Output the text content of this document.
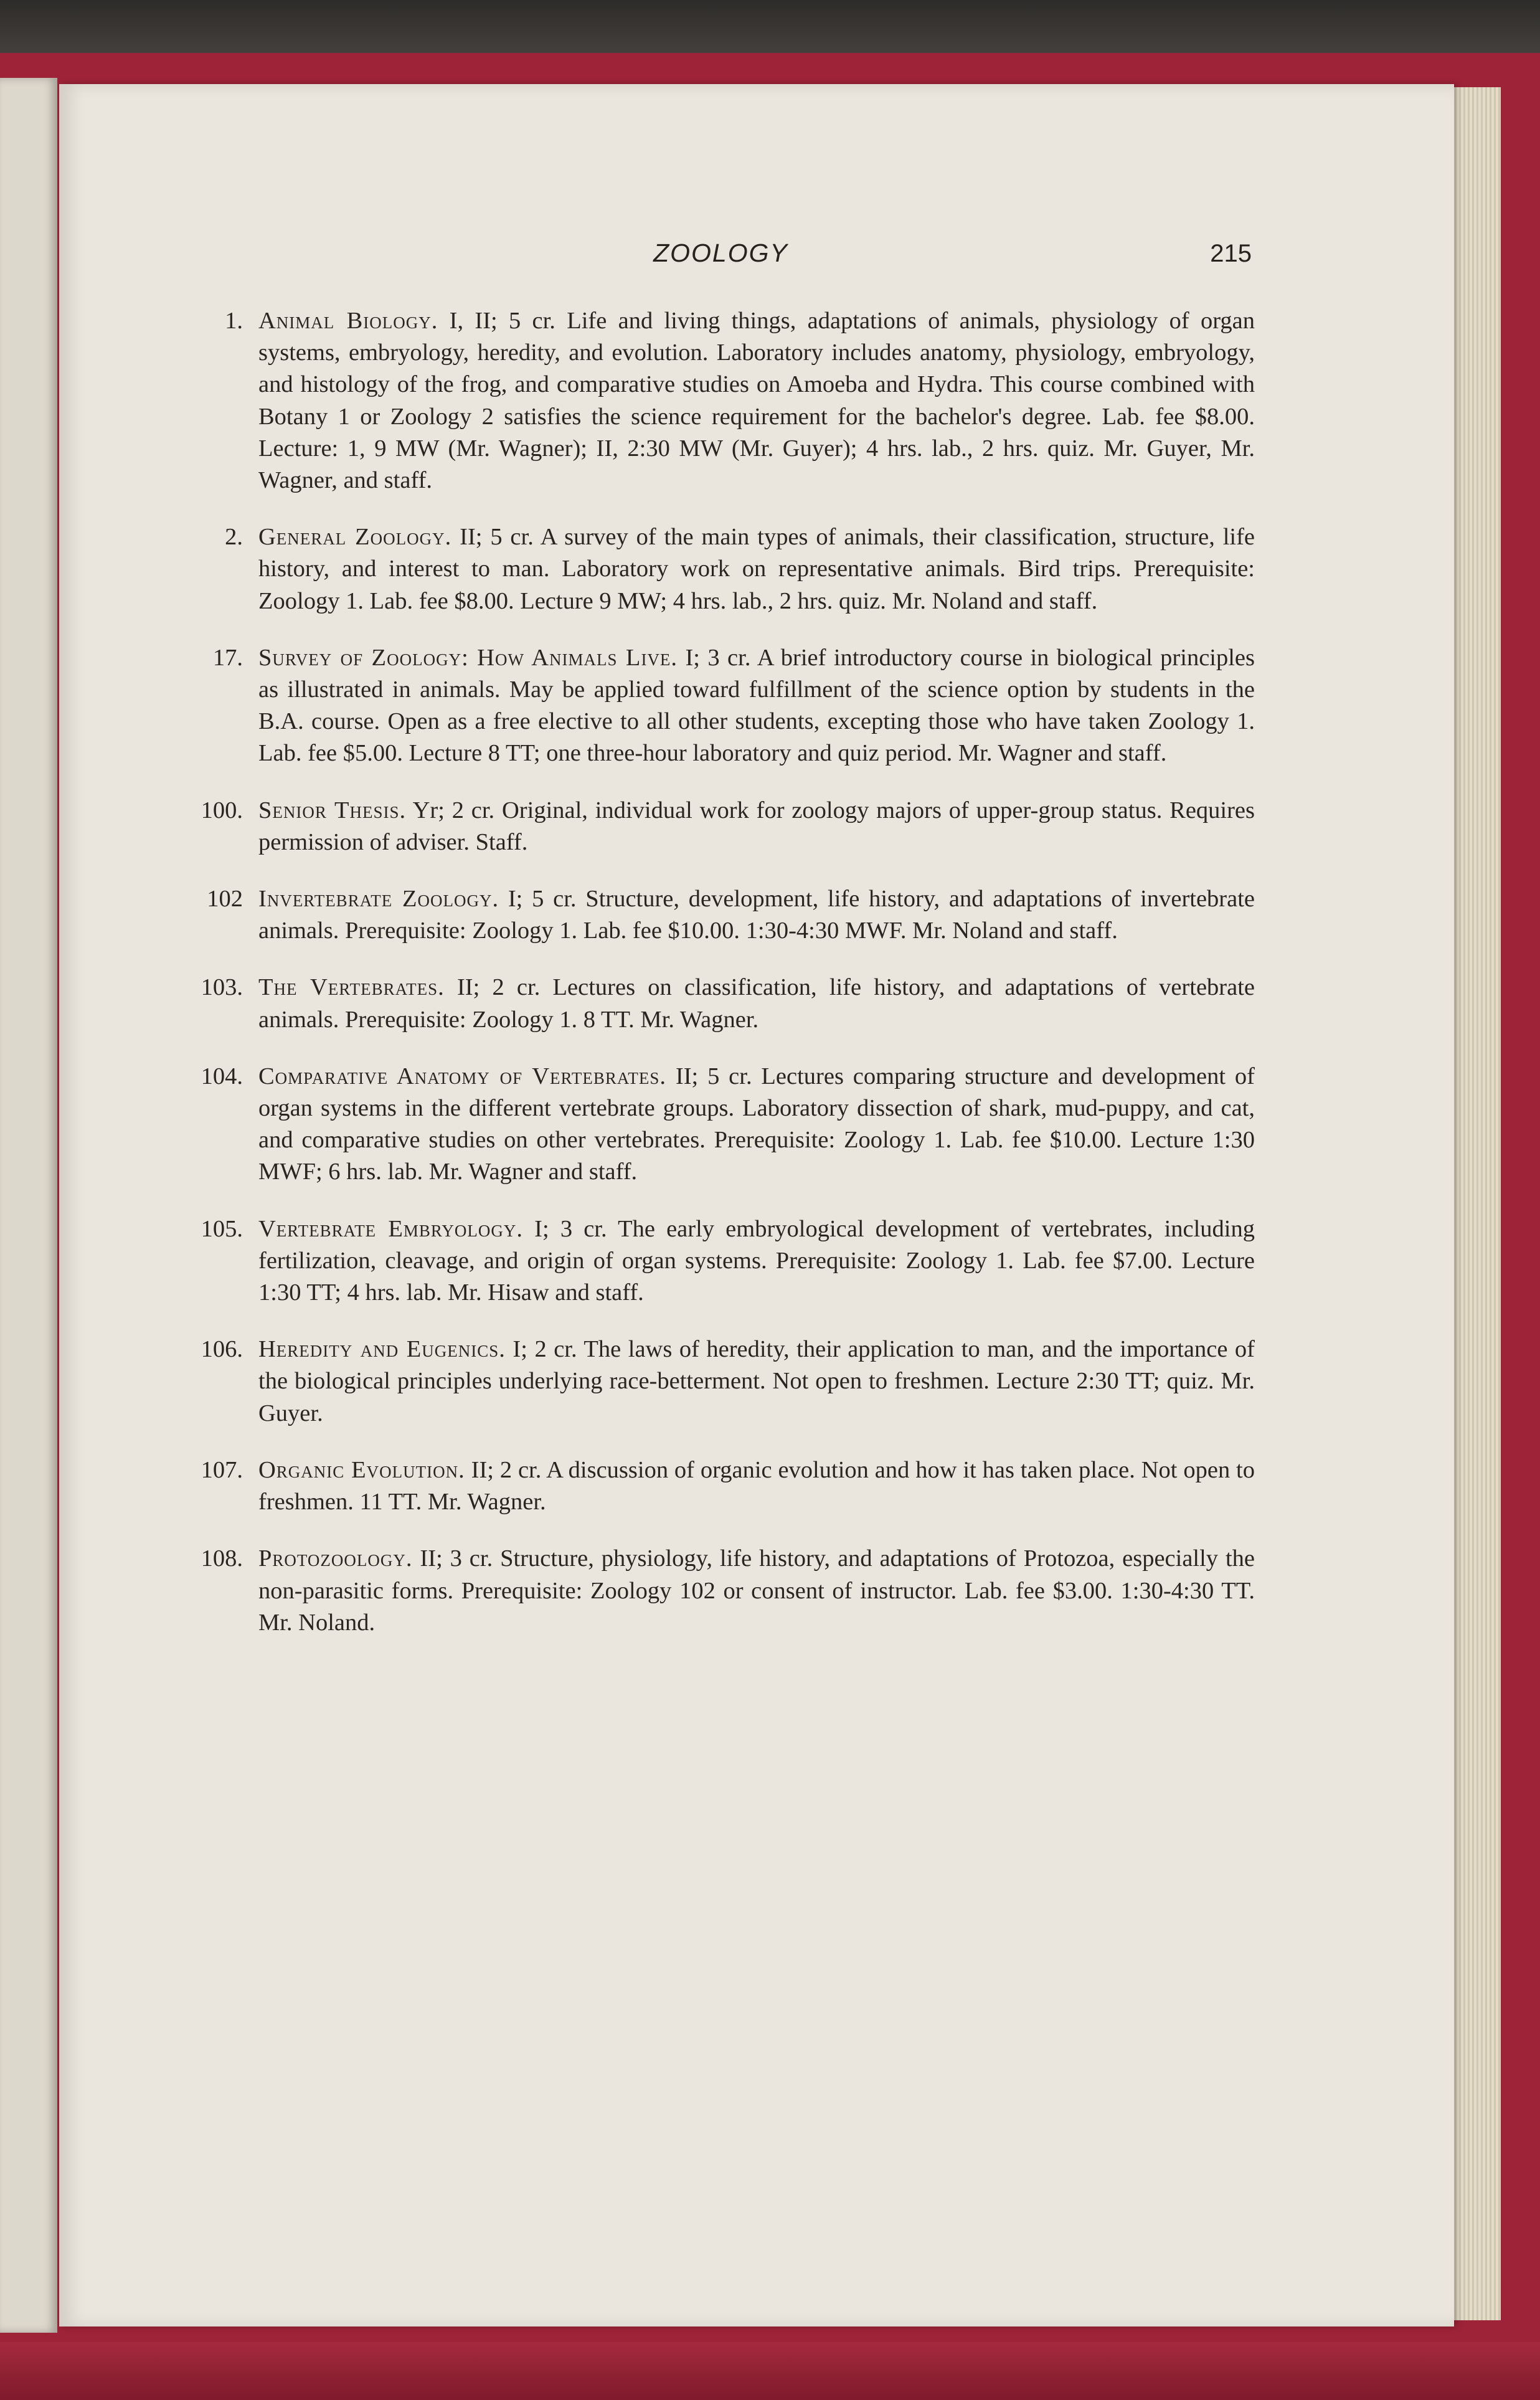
ZOOLOGY	215
1. Animal Biology. I, II; 5 cr. Life and living things, adaptations of animals, physiology of organ systems, embryology, heredity, and evolution. Laboratory includes anatomy, physiology, embryology, and histology of the frog, and comparative studies on Amoeba and Hydra. This course combined with Botany 1 or Zoology 2 satisfies the science requirement for the bachelor's degree. Lab. fee $8.00. Lecture: 1, 9 MW (Mr. Wagner); II, 2:30 MW (Mr. Guyer); 4 hrs. lab., 2 hrs. quiz. Mr. Guyer, Mr. Wagner, and staff.
2. General Zoology. II; 5 cr. A survey of the main types of animals, their classification, structure, life history, and interest to man. Laboratory work on representative animals. Bird trips. Prerequisite: Zoology 1. Lab. fee $8.00. Lecture 9 MW; 4 hrs. lab., 2 hrs. quiz. Mr. Noland and staff.
17. Survey of Zoology: How Animals Live. I; 3 cr. A brief introductory course in biological principles as illustrated in animals. May be applied toward fulfillment of the science option by students in the B.A. course. Open as a free elective to all other students, excepting those who have taken Zoology 1. Lab. fee $5.00. Lecture 8 TT; one three-hour laboratory and quiz period. Mr. Wagner and staff.
100. Senior Thesis. Yr; 2 cr. Original, individual work for zoology majors of upper-group status. Requires permission of adviser. Staff.
102 Invertebrate Zoology. I; 5 cr. Structure, development, life history, and adaptations of invertebrate animals. Prerequisite: Zoology 1. Lab. fee $10.00. 1:30-4:30 MWF. Mr. Noland and staff.
103. The Vertebrates. II; 2 cr. Lectures on classification, life history, and adaptations of vertebrate animals. Prerequisite: Zoology 1. 8 TT. Mr. Wagner.
104. Comparative Anatomy of Vertebrates. II; 5 cr. Lectures comparing structure and development of organ systems in the different vertebrate groups. Laboratory dissection of shark, mud-puppy, and cat, and comparative studies on other vertebrates. Prerequisite: Zoology 1. Lab. fee $10.00. Lecture 1:30 MWF; 6 hrs. lab. Mr. Wagner and staff.
105. Vertebrate Embryology. I; 3 cr. The early embryological development of vertebrates, including fertilization, cleavage, and origin of organ systems. Prerequisite: Zoology 1. Lab. fee $7.00. Lecture 1:30 TT; 4 hrs. lab. Mr. Hisaw and staff.
106. Heredity and Eugenics. I; 2 cr. The laws of heredity, their application to man, and the importance of the biological principles underlying race-betterment. Not open to freshmen. Lecture 2:30 TT; quiz. Mr. Guyer.
107. Organic Evolution. II; 2 cr. A discussion of organic evolution and how it has taken place. Not open to freshmen. 11 TT. Mr. Wagner.
108. Protozoology. II; 3 cr. Structure, physiology, life history, and adaptations of Protozoa, especially the non-parasitic forms. Prerequisite: Zoology 102 or consent of instructor. Lab. fee $3.00. 1:30-4:30 TT. Mr. Noland.
